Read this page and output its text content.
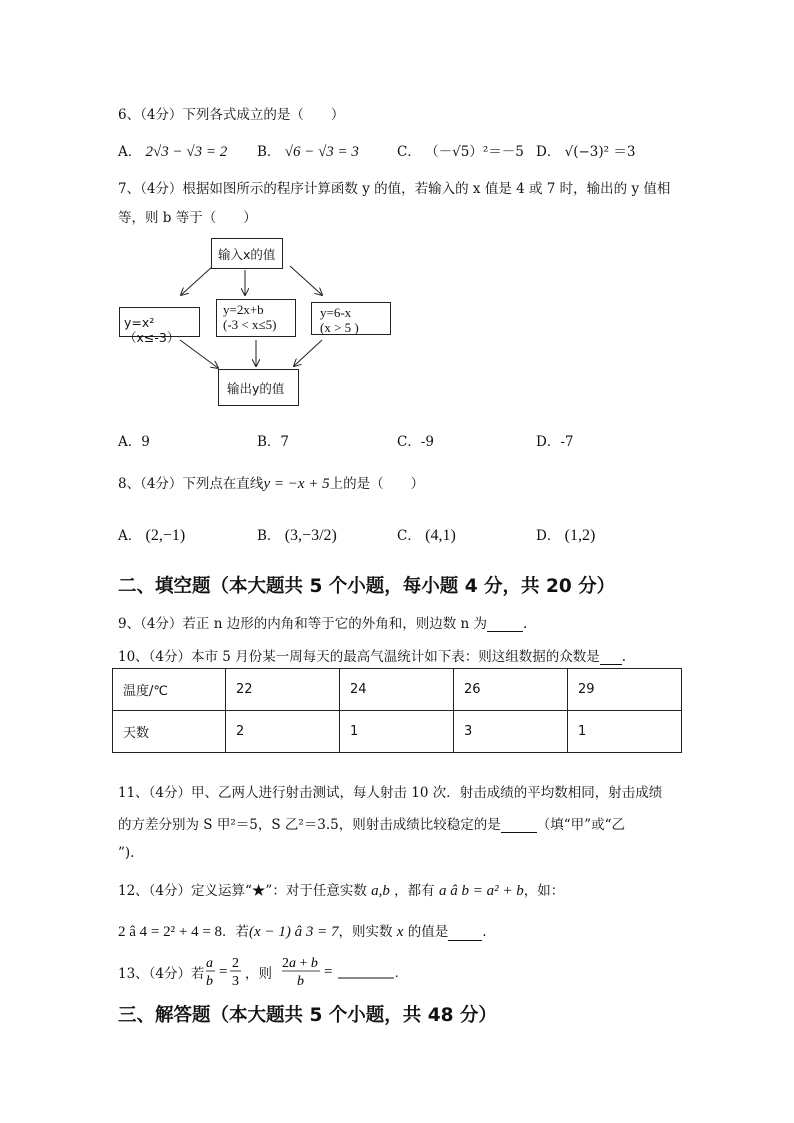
6、（4分）下列各式成立的是（　　）
A． 2√3 − √3 = 2 B． √6 − √3 = 3	C． （－√5）²＝－5 D． √(−3)² ＝3
7、（4分）根据如图所示的程序计算函数 y 的值，若输入的 x 值是 4 或 7 时，输出的 y 值相
等，则 b 等于（　　）
输入x的值
y=x² （x≤-3）
y=2x+b
(-3 < x≤5)
y=6-x
(x > 5 )
输出y的值
A．9	B．7	C．-9	D．-7
8、（4分）下列点在直线y = −x + 5上的是（　　）
A． (2,−1)	B． (3,−3/2)	C． (4,1)	D． (1,2)
二、填空题（本大题共 5 个小题，每小题 4 分，共 20 分）
9、（4分）若正 n 边形的内角和等于它的外角和，则边数 n 为	.
10、（4分）本市 5 月份某一周每天的最高气温统计如下表：则这组数据的众数是 .
温度/℃	22	24	26	29
天数	2	1	3	1
11、（4分）甲、乙两人进行射击测试，每人射击 10 次．射击成绩的平均数相同，射击成绩
的方差分别为 S 甲²＝5，S 乙²＝3.5，则射击成绩比较稳定的是	（填“甲”或“乙
”).
12、（4分）定义运算“★”：对于任意实数 a,b ，都有 a â b = a² + b，如：
2 â 4 = 2² + 4 = 8．若(x − 1) â 3 = 7，则实数 x 的值是	.
13、（4分）若
a
b
=
2
3 ，则
2a + b
b
=	.
三、解答题（本大题共 5 个小题，共 48 分）
